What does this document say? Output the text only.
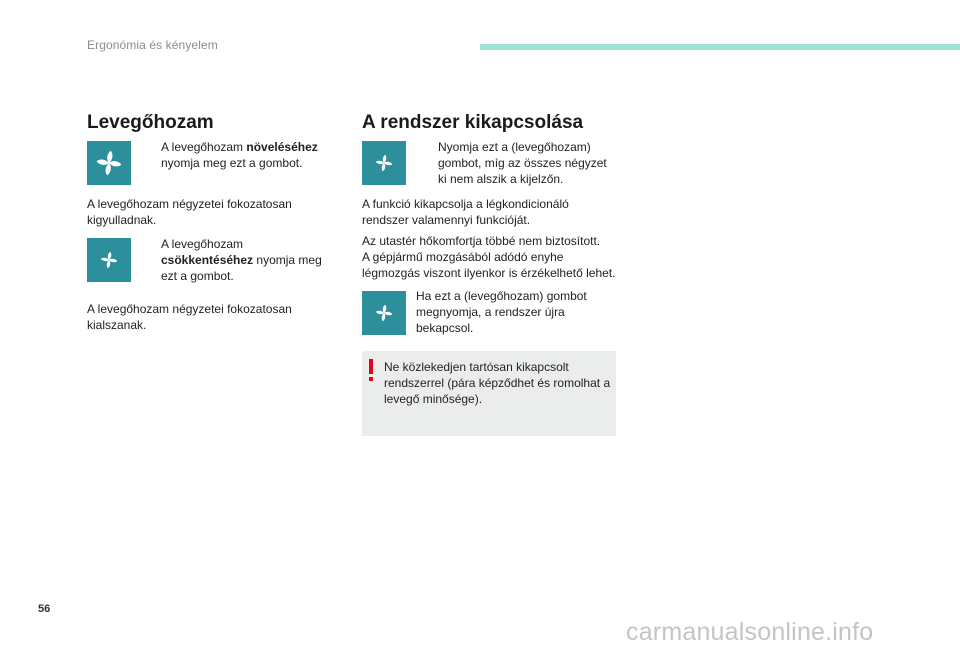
Ergonómia és kényelem
Levegőhozam
A levegőhozam növeléséhez
nyomja meg ezt a gombot.
A levegőhozam négyzetei fokozatosan kigyulladnak.
A levegőhozam
csökkentéséhez nyomja meg
ezt a gombot.
A levegőhozam négyzetei fokozatosan kialszanak.
A rendszer kikapcsolása
Nyomja ezt a (levegőhozam)
gombot, míg az összes négyzet
ki nem alszik a kijelzőn.
A funkció kikapcsolja a légkondicionáló rendszer valamennyi funkcióját.
Az utastér hőkomfortja többé nem biztosított.
A gépjármű mozgásából adódó enyhe légmozgás viszont ilyenkor is érzékelhető lehet.
Ha ezt a (levegőhozam) gombot
megnyomja, a rendszer újra
bekapcsol.
Ne közlekedjen tartósan kikapcsolt rendszerrel (pára képződhet és romolhat a levegő minősége).
56
carmanualsonline.info
